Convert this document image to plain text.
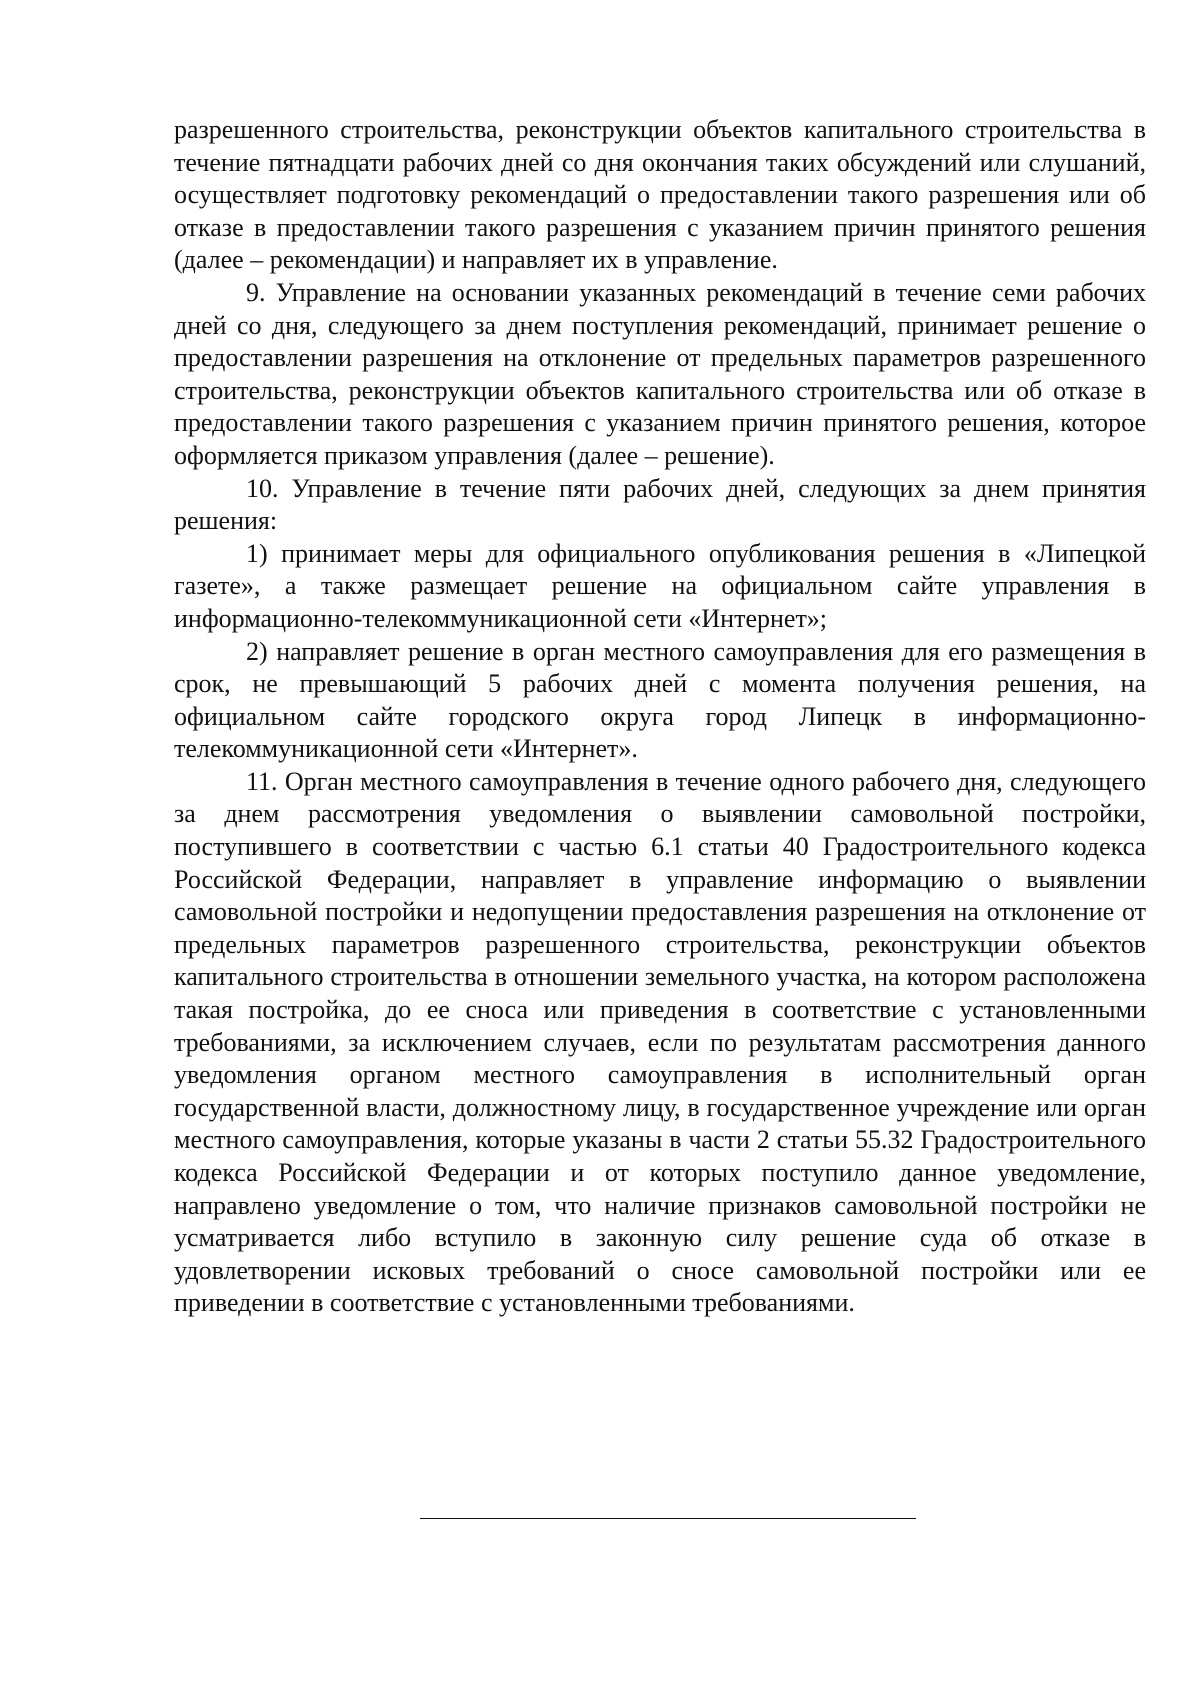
разрешенного строительства, реконструкции объектов капитального строительства в течение пятнадцати рабочих дней со дня окончания таких обсуждений или слушаний, осуществляет подготовку рекомендаций о предоставлении такого разрешения или об отказе в предоставлении такого разрешения с указанием причин принятого решения (далее – рекомендации) и направляет их в управление.

9. Управление на основании указанных рекомендаций в течение семи рабочих дней со дня, следующего за днем поступления рекомендаций, принимает решение о предоставлении разрешения на отклонение от предельных параметров разрешенного строительства, реконструкции объектов капитального строительства или об отказе в предоставлении такого разрешения с указанием причин принятого решения, которое оформляется приказом управления (далее – решение).

10. Управление в течение пяти рабочих дней, следующих за днем принятия решения:

1) принимает меры для официального опубликования решения в «Липецкой газете», а также размещает решение на официальном сайте управления в информационно-телекоммуникационной сети «Интернет»;

2) направляет решение в орган местного самоуправления для его размещения в срок, не превышающий 5 рабочих дней с момента получения решения, на официальном сайте городского округа город Липецк в информационно-телекоммуникационной сети «Интернет».

11. Орган местного самоуправления в течение одного рабочего дня, следующего за днем рассмотрения уведомления о выявлении самовольной постройки, поступившего в соответствии с частью 6.1 статьи 40 Градостроительного кодекса Российской Федерации, направляет в управление информацию о выявлении самовольной постройки и недопущении предоставления разрешения на отклонение от предельных параметров разрешенного строительства, реконструкции объектов капитального строительства в отношении земельного участка, на котором расположена такая постройка, до ее сноса или приведения в соответствие с установленными требованиями, за исключением случаев, если по результатам рассмотрения данного уведомления органом местного самоуправления в исполнительный орган государственной власти, должностному лицу, в государственное учреждение или орган местного самоуправления, которые указаны в части 2 статьи 55.32 Градостроительного кодекса Российской Федерации и от которых поступило данное уведомление, направлено уведомление о том, что наличие признаков самовольной постройки не усматривается либо вступило в законную силу решение суда об отказе в удовлетворении исковых требований о сносе самовольной постройки или ее приведении в соответствие с установленными требованиями.
